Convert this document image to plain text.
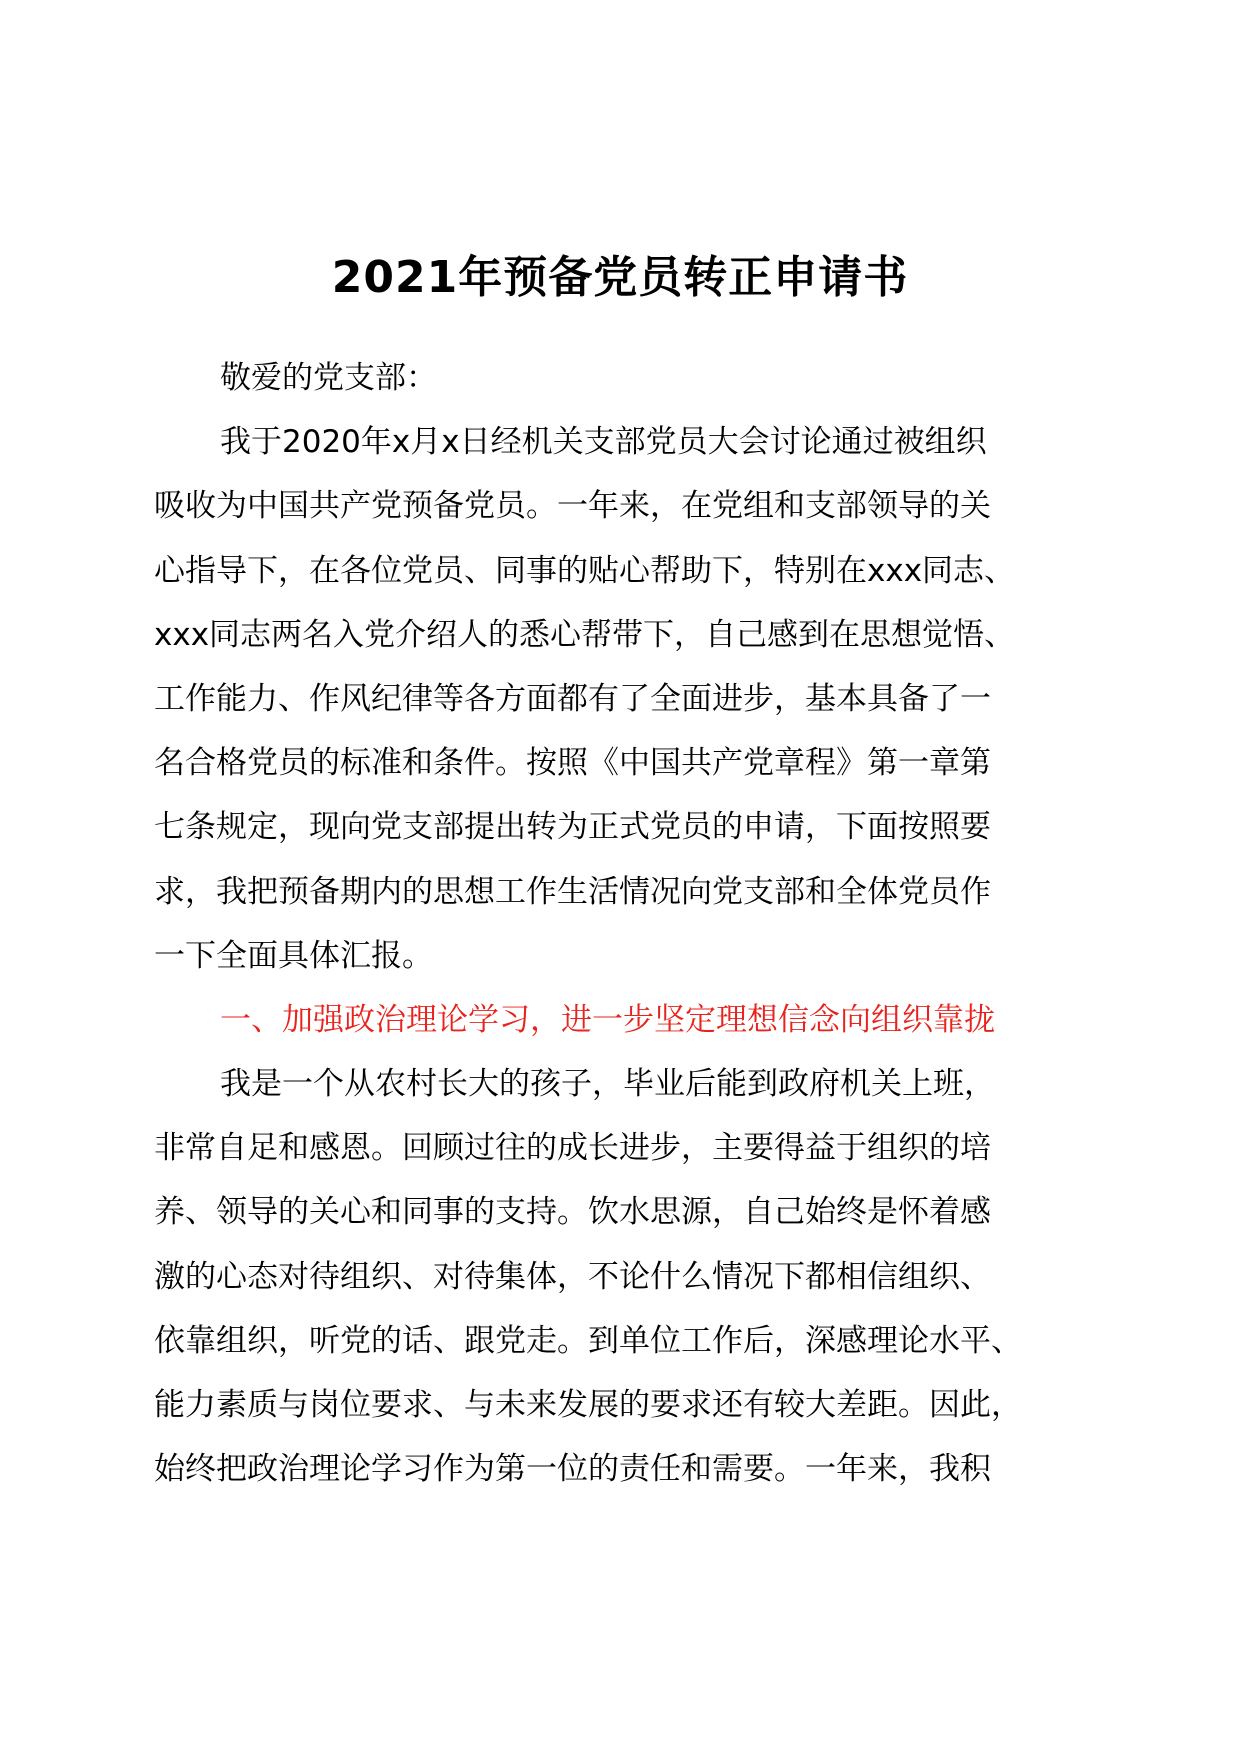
2021年预备党员转正申请书
敬爱的党支部：
我于2020年x月x日经机关支部党员大会讨论通过被组织
吸收为中国共产党预备党员。一年来，在党组和支部领导的关
心指导下，在各位党员、同事的贴心帮助下，特别在xxx同志、
xxx同志两名入党介绍人的悉心帮带下，自己感到在思想觉悟、
工作能力、作风纪律等各方面都有了全面进步，基本具备了一
名合格党员的标准和条件。按照《中国共产党章程》第一章第
七条规定，现向党支部提出转为正式党员的申请，下面按照要
求，我把预备期内的思想工作生活情况向党支部和全体党员作
一下全面具体汇报。
一、加强政治理论学习，进一步坚定理想信念向组织靠拢
我是一个从农村长大的孩子，毕业后能到政府机关上班，
非常自足和感恩。回顾过往的成长进步，主要得益于组织的培
养、领导的关心和同事的支持。饮水思源，自己始终是怀着感
激的心态对待组织、对待集体，不论什么情况下都相信组织、
依靠组织，听党的话、跟党走。到单位工作后，深感理论水平、
能力素质与岗位要求、与未来发展的要求还有较大差距。因此，
始终把政治理论学习作为第一位的责任和需要。一年来，我积
